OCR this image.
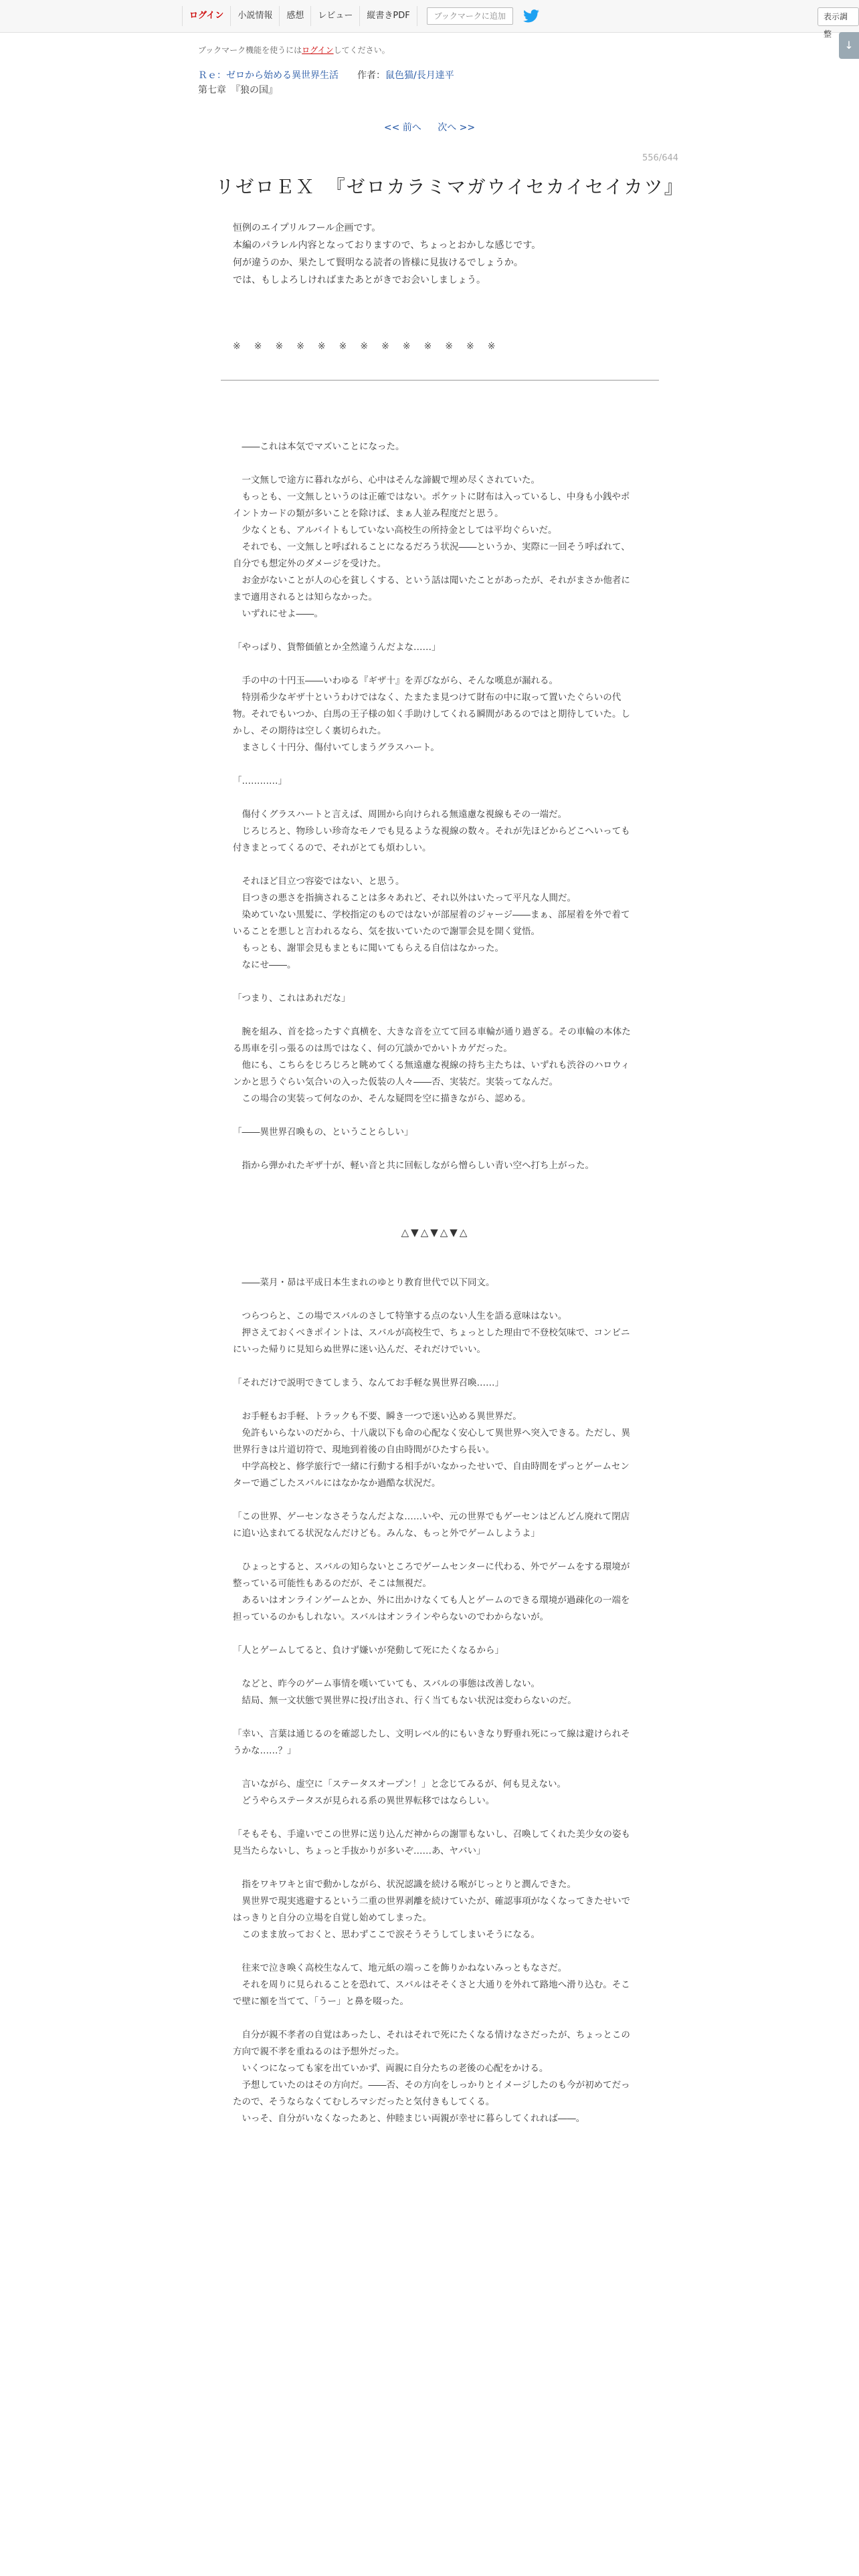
ログイン	小説情報	感想	レビュー	縦書きPDF	ブックマークに追加	表示調整
↓
ブックマーク機能を使うにはログインしてください。
Ｒｅ：ゼロから始める異世界生活 作者：鼠色猫/長月達平
第七章　『狼の国』
<< 前へ 次へ >>
556/644
リゼロＥＸ　『ゼロカラミマガウイセカイセイカツ』

恒例のエイプリルフール企画です。

本編のパラレル内容となっておりますので、ちょっとおかしな感じです。

何が違うのか、果たして賢明なる読者の皆様に見抜けるでしょうか。

では、もしよろしければまたあとがきでお会いしましょう。

※※※※※※※※※※※※※

　――これは本気でマズいことになった。

　一文無しで途方に暮れながら、心中はそんな諦観で埋め尽くされていた。

　もっとも、一文無しというのは正確ではない。ポケットに財布は入っているし、中身も小銭やポイントカードの類が多いことを除けば、まぁ人並み程度だと思う。

　少なくとも、アルバイトもしていない高校生の所持金としては平均ぐらいだ。

　それでも、一文無しと呼ばれることになるだろう状況――というか、実際に一回そう呼ばれて、自分でも想定外のダメージを受けた。

　お金がないことが人の心を貧しくする、という話は聞いたことがあったが、それがまさか他者にまで適用されるとは知らなかった。

　いずれにせよ――。

「やっぱり、貨幣価値とか全然違うんだよな……」

　手の中の十円玉――いわゆる『ギザ十』を弄びながら、そんな嘆息が漏れる。

　特別希少なギザ十というわけではなく、たまたま見つけて財布の中に取って置いたぐらいの代物。それでもいつか、白馬の王子様の如く手助けしてくれる瞬間があるのではと期待していた。しかし、その期待は空しく裏切られた。

　まさしく十円分、傷付いてしまうグラスハート。

「…………」

　傷付くグラスハートと言えば、周囲から向けられる無遠慮な視線もその一端だ。

　じろじろと、物珍しい珍奇なモノでも見るような視線の数々。それが先ほどからどこへいっても付きまとってくるので、それがとても煩わしい。

　それほど目立つ容姿ではない、と思う。

　目つきの悪さを指摘されることは多々あれど、それ以外はいたって平凡な人間だ。

　染めていない黒髪に、学校指定のものではないが部屋着のジャージ――まぁ、部屋着を外で着ていることを悪しと言われるなら、気を抜いていたので謝罪会見を開く覚悟。

　もっとも、謝罪会見もまともに聞いてもらえる自信はなかった。

　なにせ――。

「つまり、これはあれだな」

　腕を組み、首を捻ったすぐ真横を、大きな音を立てて回る車輪が通り過ぎる。その車輪の本体たる馬車を引っ張るのは馬ではなく、何の冗談かでかいトカゲだった。

　他にも、こちらをじろじろと眺めてくる無遠慮な視線の持ち主たちは、いずれも渋谷のハロウィンかと思うぐらい気合いの入った仮装の人々――否、実装だ。実装ってなんだ。

　この場合の実装って何なのか、そんな疑問を空に描きながら、認める。

「――異世界召喚もの、ということらしい」

　指から弾かれたギザ十が、軽い音と共に回転しながら憎らしい青い空へ打ち上がった。

△▼△▼△▼△

　――菜月・昴は平成日本生まれのゆとり教育世代で以下同文。

　つらつらと、この場でスバルのさして特筆する点のない人生を語る意味はない。

　押さえておくべきポイントは、スバルが高校生で、ちょっとした理由で不登校気味で、コンビニにいった帰りに見知らぬ世界に迷い込んだ、それだけでいい。

「それだけで説明できてしまう、なんてお手軽な異世界召喚……」

　お手軽もお手軽、トラックも不要、瞬き一つで迷い込める異世界だ。

　免許もいらないのだから、十八歳以下も命の心配なく安心して異世界へ突入できる。ただし、異世界行きは片道切符で、現地到着後の自由時間がひたすら長い。

　中学高校と、修学旅行で一緒に行動する相手がいなかったせいで、自由時間をずっとゲームセンターで過ごしたスバルにはなかなか過酷な状況だ。

「この世界、ゲーセンなさそうなんだよな……いや、元の世界でもゲーセンはどんどん廃れて閉店に追い込まれてる状況なんだけども。みんな、もっと外でゲームしようよ」

　ひょっとすると、スバルの知らないところでゲームセンターに代わる、外でゲームをする環境が整っている可能性もあるのだが、そこは無視だ。

　あるいはオンラインゲームとか、外に出かけなくても人とゲームのできる環境が過疎化の一端を担っているのかもしれない。スバルはオンラインやらないのでわからないが。

「人とゲームしてると、負けず嫌いが発動して死にたくなるから」

　などと、昨今のゲーム事情を嘆いていても、スバルの事態は改善しない。

　結局、無一文状態で異世界に投げ出され、行く当てもない状況は変わらないのだ。

「幸い、言葉は通じるのを確認したし、文明レベル的にもいきなり野垂れ死にって線は避けられそうかな……？」

　言いながら、虚空に「ステータスオープン！」と念じてみるが、何も見えない。

　どうやらステータスが見られる系の異世界転移ではならしい。

「そもそも、手違いでこの世界に送り込んだ神からの謝罪もないし、召喚してくれた美少女の姿も見当たらないし、ちょっと手抜かりが多いぞ……あ、ヤバい」

　指をワキワキと宙で動かしながら、状況認識を続ける喉がじっとりと潤んできた。

　異世界で現実逃避するという二重の世界剥離を続けていたが、確認事項がなくなってきたせいではっきりと自分の立場を自覚し始めてしまった。

　このまま放っておくと、思わずここで涙そうそうしてしまいそうになる。

　往来で泣き喚く高校生なんて、地元紙の端っこを飾りかねないみっともなさだ。

　それを周りに見られることを恐れて、スバルはそそくさと大通りを外れて路地へ滑り込む。そこで壁に額を当てて、「うー」と鼻を啜った。

　自分が親不孝者の自覚はあったし、それはそれで死にたくなる情けなさだったが、ちょっとこの方向で親不孝を重ねるのは予想外だった。

　いくつになっても家を出ていかず、両親に自分たちの老後の心配をかける。

　予想していたのはその方向だ。――否、その方向をしっかりとイメージしたのも今が初めてだったので、そうならなくてむしろマシだったと気付きもしてくる。

　いっそ、自分がいなくなったあと、仲睦まじい両親が幸せに暮らしてくれれば――。
